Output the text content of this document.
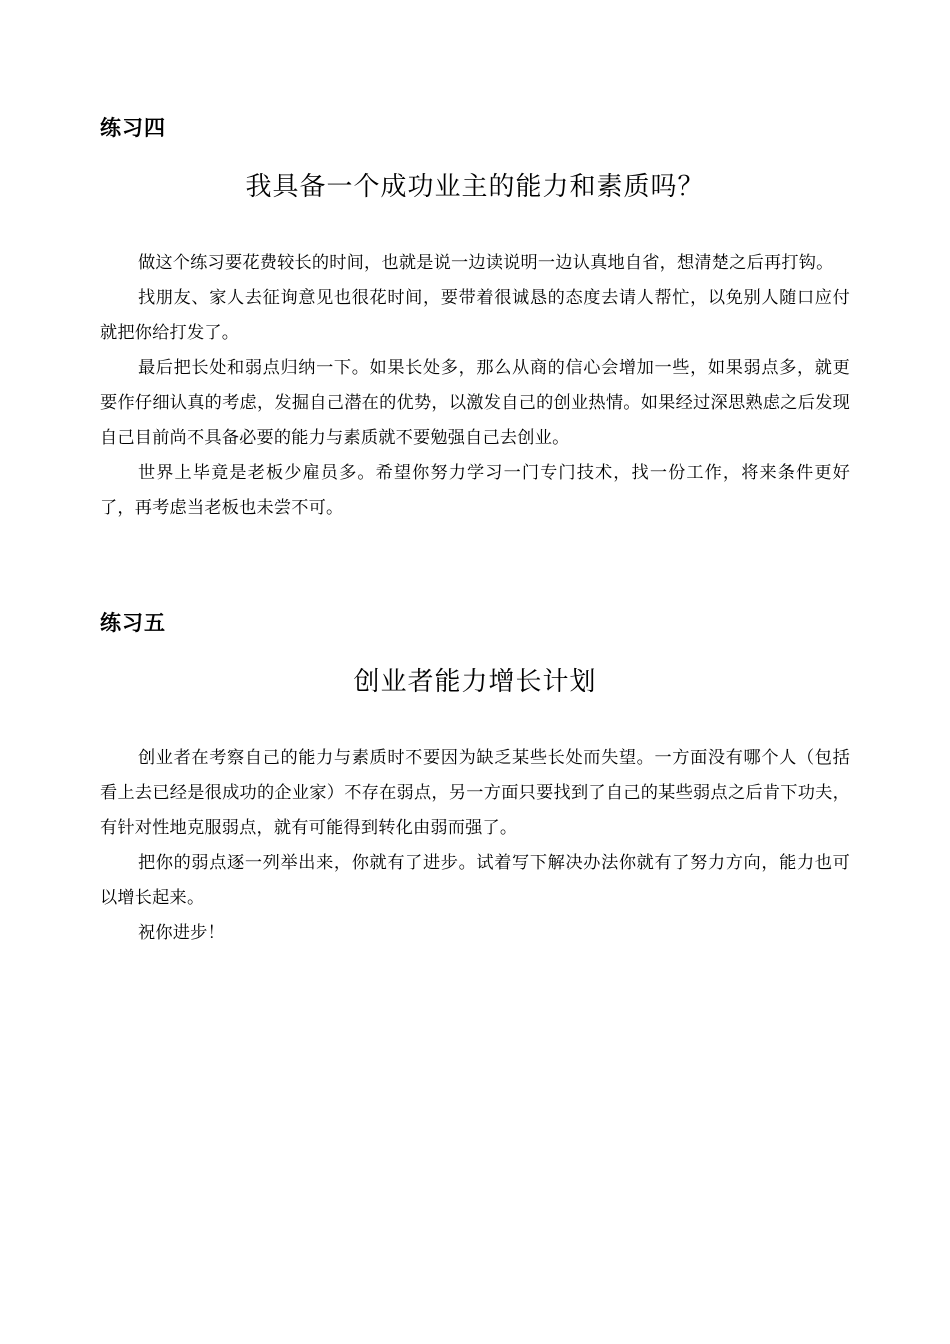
练习四
我具备一个成功业主的能力和素质吗？

做这个练习要花费较长的时间，也就是说一边读说明一边认真地自省，想清楚之后再打钩。

找朋友、家人去征询意见也很花时间，要带着很诚恳的态度去请人帮忙，以免别人随口应付就把你给打发了。

最后把长处和弱点归纳一下。如果长处多，那么从商的信心会增加一些，如果弱点多，就更要作仔细认真的考虑，发掘自己潜在的优势，以激发自己的创业热情。如果经过深思熟虑之后发现自己目前尚不具备必要的能力与素质就不要勉强自己去创业。

世界上毕竟是老板少雇员多。希望你努力学习一门专门技术，找一份工作，将来条件更好了，再考虑当老板也未尝不可。

练习五
创业者能力增长计划

创业者在考察自己的能力与素质时不要因为缺乏某些长处而失望。一方面没有哪个人（包括看上去已经是很成功的企业家）不存在弱点，另一方面只要找到了自己的某些弱点之后肯下功夫，有针对性地克服弱点，就有可能得到转化由弱而强了。

把你的弱点逐一列举出来，你就有了进步。试着写下解决办法你就有了努力方向，能力也可以增长起来。

祝你进步！
